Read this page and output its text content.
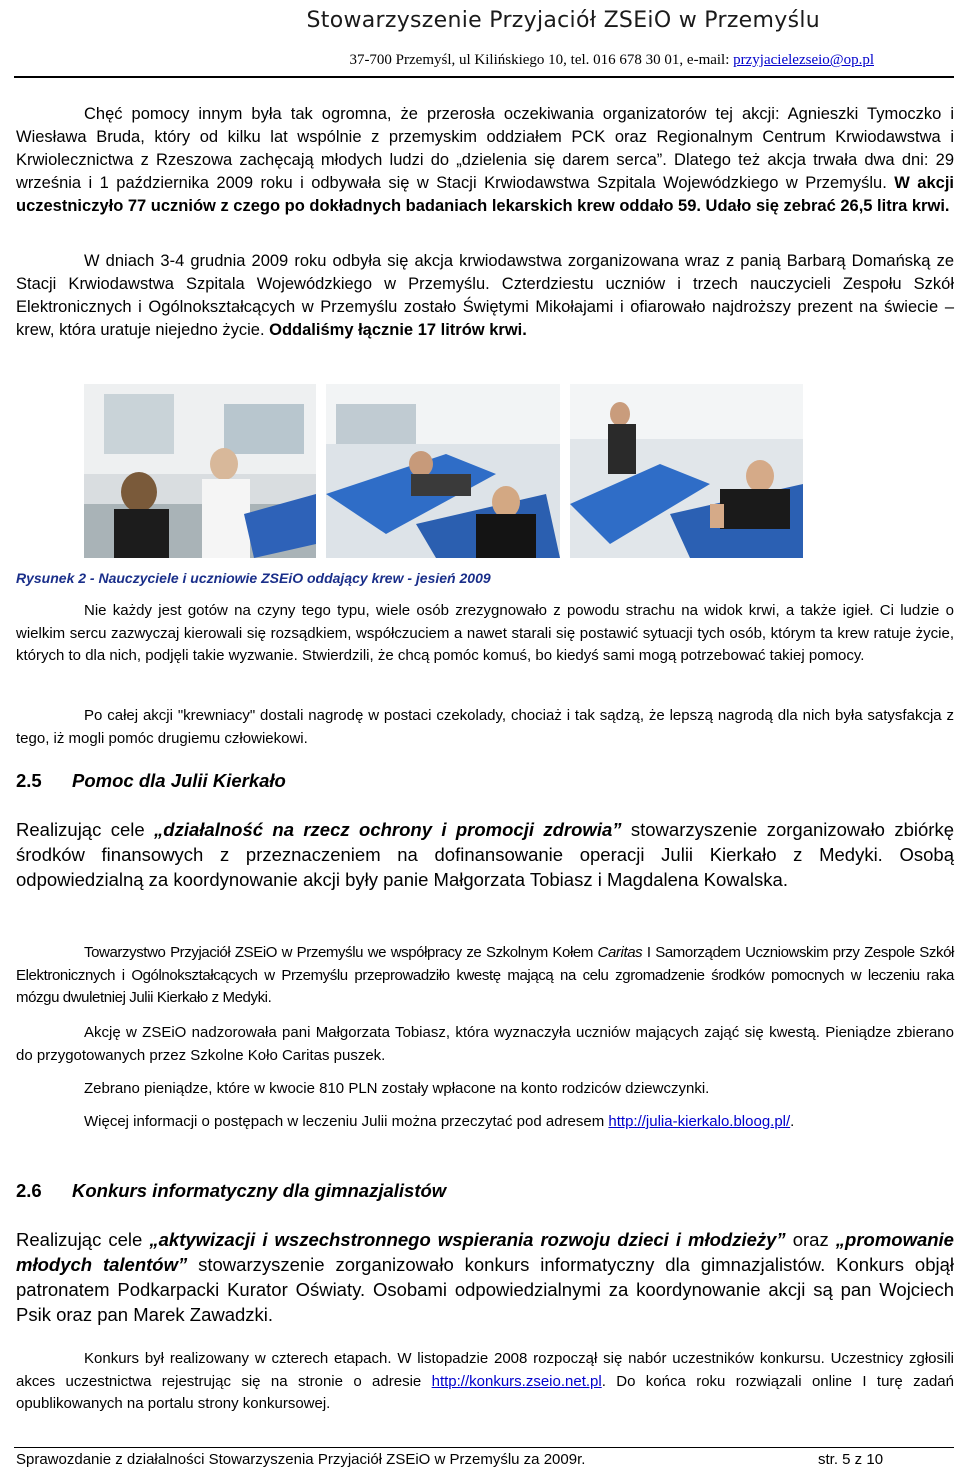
Stowarzyszenie Przyjaciół ZSEiO w Przemyślu
37-700 Przemyśl, ul Kilińskiego 10, tel. 016 678 30 01, e-mail: przyjacielezseio@op.pl

Chęć pomocy innym była tak ogromna, że przerosła oczekiwania organizatorów tej akcji: Agnieszki Tymoczko i Wiesława Bruda, który od kilku lat wspólnie z przemyskim oddziałem PCK oraz Regionalnym Centrum Krwiodawstwa i Krwiolecznictwa z Rzeszowa zachęcają młodych ludzi do „dzielenia się darem serca”. Dlatego też akcja trwała dwa dni: 29 września i 1 października 2009 roku i odbywała się w Stacji Krwiodawstwa Szpitala Wojewódzkiego w Przemyślu. W akcji uczestniczyło 77 uczniów z czego po dokładnych badaniach lekarskich krew oddało 59. Udało się zebrać 26,5 litra krwi.

W dniach 3-4 grudnia 2009 roku odbyła się akcja krwiodawstwa zorganizowana wraz z panią Barbarą Domańską ze Stacji Krwiodawstwa Szpitala Wojewódzkiego w Przemyślu. Czterdziestu uczniów i trzech nauczycieli Zespołu Szkół Elektronicznych i Ogólnokształcących w Przemyślu zostało Świętymi Mikołajami i ofiarowało najdroższy prezent na świecie – krew, która uratuje niejedno życie. Oddaliśmy łącznie 17 litrów krwi.

Rysunek 2 - Nauczyciele i uczniowie ZSEiO oddający krew - jesień 2009

Nie każdy jest gotów na czyny tego typu, wiele osób zrezygnowało z powodu strachu na widok krwi, a także igieł. Ci ludzie o wielkim sercu zazwyczaj kierowali się rozsądkiem, współczuciem a nawet starali się postawić sytuacji tych osób, którym ta krew ratuje życie, których to dla nich, podjęli takie wyzwanie. Stwierdzili, że chcą pomóc komuś, bo kiedyś sami mogą potrzebować takiej pomocy.

Po całej akcji "krewniacy" dostali nagrodę w postaci czekolady, chociaż i tak sądzą, że lepszą nagrodą dla nich była satysfakcja z tego, iż mogli pomóc drugiemu człowiekowi.

2.5 Pomoc dla Julii Kierkało

Realizując cele „działalność na rzecz ochrony i promocji zdrowia” stowarzyszenie zorganizowało zbiórkę środków finansowych z przeznaczeniem na dofinansowanie operacji Julii Kierkało z Medyki. Osobą odpowiedzialną za koordynowanie akcji były panie Małgorzata Tobiasz i Magdalena Kowalska.

Towarzystwo Przyjaciół ZSEiO w Przemyślu we współpracy ze Szkolnym Kołem Caritas I Samorządem Uczniowskim przy Zespole Szkół Elektronicznych i Ogólnokształcących w Przemyślu przeprowadziło kwestę mającą na celu zgromadzenie środków pomocnych w leczeniu raka mózgu dwuletniej Julii Kierkało z Medyki.

Akcję w ZSEiO nadzorowała pani Małgorzata Tobiasz, która wyznaczyła uczniów mających zająć się kwestą. Pieniądze zbierano do przygotowanych przez Szkolne Koło Caritas puszek.

Zebrano pieniądze, które w kwocie 810 PLN zostały wpłacone na konto rodziców dziewczynki.

Więcej informacji o postępach w leczeniu Julii można przeczytać pod adresem http://julia-kierkalo.bloog.pl/.

2.6 Konkurs informatyczny dla gimnazjalistów

Realizując cele „aktywizacji i wszechstronnego wspierania rozwoju dzieci i młodzieży” oraz „promowanie młodych talentów” stowarzyszenie zorganizowało konkurs informatyczny dla gimnazjalistów. Konkurs objął patronatem Podkarpacki Kurator Oświaty. Osobami odpowiedzialnymi za koordynowanie akcji są pan Wojciech Psik oraz pan Marek Zawadzki.

Konkurs był realizowany w czterech etapach. W listopadzie 2008 rozpoczął się nabór uczestników konkursu. Uczestnicy zgłosili akces uczestnictwa rejestrując się na stronie o adresie http://konkurs.zseio.net.pl. Do końca roku rozwiązali online I turę zadań opublikowanych na portalu strony konkursowej.

Sprawozdanie z działalności Stowarzyszenia Przyjaciół ZSEiO w Przemyślu za 2009r.	str. 5 z 10
